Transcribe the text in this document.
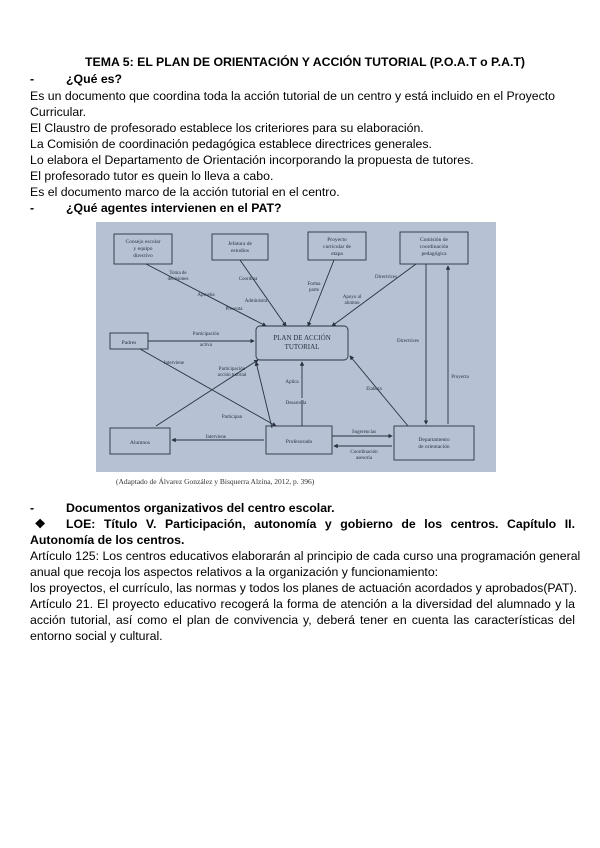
TEMA 5: EL PLAN DE ORIENTACIÓN Y ACCIÓN TUTORIAL (P.O.A.T o P.A.T)
-	¿Qué es?
Es un documento que coordina toda la acción tutorial de un centro y está incluido en el Proyecto
Curricular.
El Claustro de profesorado establece los criteriores para su elaboración.
La Comisión de coordinación pedagógica establece directrices generales.
Lo elabora el Departamento de Orientación incorporando la propuesta de tutores.
El profesorado tutor es quein lo lleva a cabo.
Es el documento marco de la acción tutorial en el centro.
-	¿Qué agentes intervienen en el PAT?
Consejo escolar
y equipo
directivo
Jefatura de
estudios
Proyecto
curricular de
etapa
Comisión de
coordinación
pedagógica
Padres
PLAN DE ACCIÓN
TUTORIAL
Alumnos	Profesorado	Departamento
de orientación
Toma de
decisiones	Coordina
Aprueba
Administra
Presenta
Forma
parte
Directrices
Apoyo al
alumno
Participación
activa
Interviene
Participación
acción tutorial
Aplica
Desarrolla
Directrices
Proyecta
Elabora
Participan
Interviene
Sugerencias
Coordinación
asesoría
(Adaptado de Álvarez González y Bisquerra Alzina, 2012, p. 396)
-	Documentos organizativos del centro escolar.
❖	LOE: Título V. Participación, autonomía y gobierno de los centros. Capítulo II.
Autonomía de los centros.
Artículo 125: Los centros educativos elaborarán al principio de cada curso una programación general
anual que recoja los aspectos relativos a la organización y funcionamiento:
los proyectos, el currículo, las normas y todos los planes de actuación acordados y aprobados(PAT).
Artículo 21. El proyecto educativo recogerá la forma de atención a la diversidad del alumnado y la
acción tutorial, así como el plan de convivencia y, deberá tener en cuenta las características del
entorno social y cultural.
